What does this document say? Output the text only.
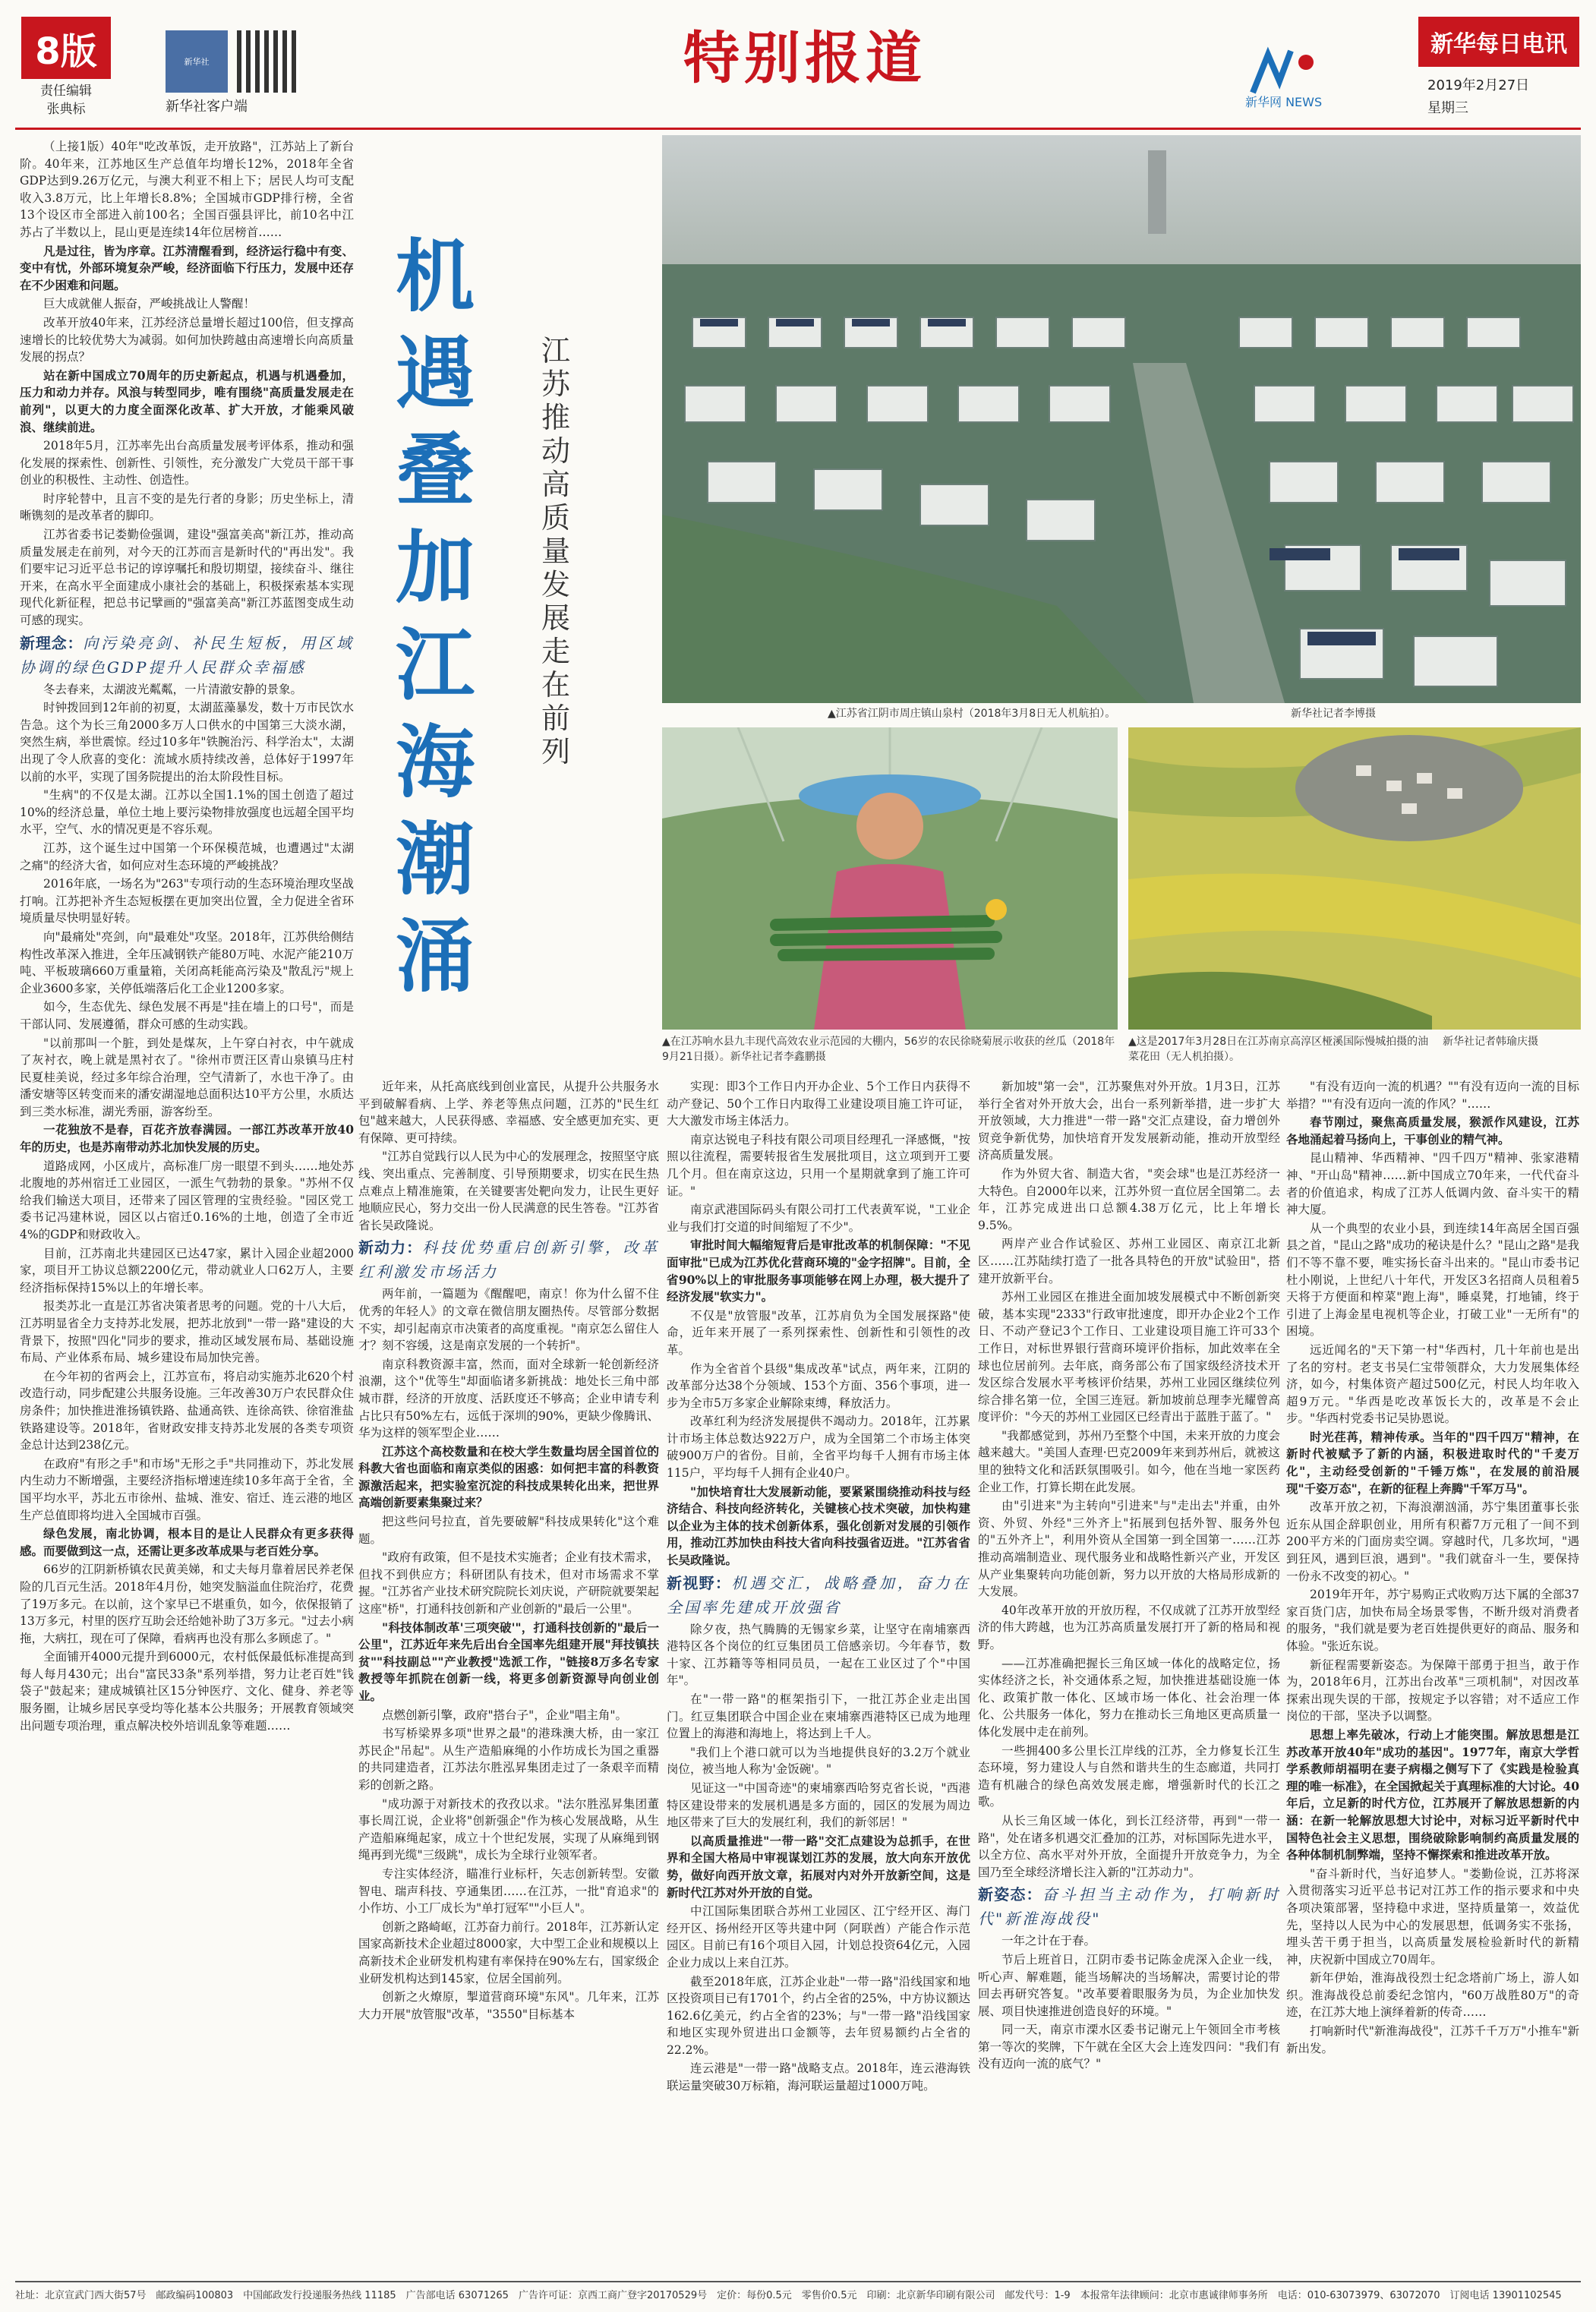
8版
责任编辑
张典标
新华社
新华社客户端
特别报道
新华网 NEWS
新华每日电讯
2019年2月27日
星期三
机遇叠加江海潮涌
江苏推动高质量发展走在前列

（上接1版）40年"吃改革饭，走开放路"，江苏站上了新台阶。40年来，江苏地区生产总值年均增长12%，2018年全省GDP达到9.26万亿元，与澳大利亚不相上下；居民人均可支配收入3.8万元，比上年增长8.8%；全国城市GDP排行榜，全省13个设区市全部进入前100名；全国百强县评比，前10名中江苏占了半数以上，昆山更是连续14年位居榜首……

凡是过往，皆为序章。江苏清醒看到，经济运行稳中有变、变中有忧，外部环境复杂严峻，经济面临下行压力，发展中还存在不少困难和问题。

巨大成就催人振奋，严峻挑战让人警醒！

改革开放40年来，江苏经济总量增长超过100倍，但支撑高速增长的比较优势大为减弱。如何加快跨越由高速增长向高质量发展的拐点？

站在新中国成立70周年的历史新起点，机遇与机遇叠加，压力和动力并存。风浪与转型同步，唯有围绕"高质量发展走在前列"，以更大的力度全面深化改革、扩大开放，才能乘风破浪、继续前进。

2018年5月，江苏率先出台高质量发展考评体系，推动和强化发展的探索性、创新性、引领性，充分激发广大党员干部干事创业的积极性、主动性、创造性。

时序轮替中，且言不变的是先行者的身影；历史坐标上，清晰镌刻的是改革者的脚印。

江苏省委书记娄勤俭强调，建设"强富美高"新江苏，推动高质量发展走在前列，对今天的江苏而言是新时代的"再出发"。我们要牢记习近平总书记的谆谆嘱托和殷切期望，接续奋斗、继往开来，在高水平全面建成小康社会的基础上，积极探索基本实现现代化新征程，把总书记擘画的"强富美高"新江苏蓝图变成生动可感的现实。

新理念：向污染亮剑、补民生短板，用区域协调的绿色GDP提升人民群众幸福感

冬去春来，太湖波光粼粼，一片清澈安静的景象。

时钟拨回到12年前的初夏，太湖蓝藻暴发，数十万市民饮水告急。这个为长三角2000多万人口供水的中国第三大淡水湖，突然生病，举世震惊。经过10多年"铁腕治污、科学治太"，太湖出现了令人欣喜的变化：流域水质持续改善，总体好于1997年以前的水平，实现了国务院提出的治太阶段性目标。

"生病"的不仅是太湖。江苏以全国1.1%的国土创造了超过10%的经济总量，单位土地上要污染物排放强度也远超全国平均水平，空气、水的情况更是不容乐观。

江苏，这个诞生过中国第一个环保模范城，也遭遇过"太湖之痛"的经济大省，如何应对生态环境的严峻挑战？

2016年底，一场名为"263"专项行动的生态环境治理攻坚战打响。江苏把补齐生态短板摆在更加突出位置，全力促进全省环境质量尽快明显好转。

向"最痛处"亮剑，向"最难处"攻坚。2018年，江苏供给侧结构性改革深入推进，全年压减钢铁产能80万吨、水泥产能210万吨、平板玻璃660万重量箱，关闭高耗能高污染及"散乱污"规上企业3600多家，关停低端落后化工企业1200多家。

如今，生态优先、绿色发展不再是"挂在墙上的口号"，而是干部认同、发展遵循，群众可感的生动实践。

"以前那叫一个脏，到处是煤灰，上午穿白衬衣，中午就成了灰衬衣，晚上就是黑衬衣了。"徐州市贾汪区青山泉镇马庄村民夏桂美说，经过多年综合治理，空气清新了，水也干净了。由潘安塘等区转变而来的潘安湖湿地总面积达10平方公里，水质达到三类水标准，湖光秀丽，游客纷至。

一花独放不是春，百花齐放春满园。一部江苏改革开放40年的历史，也是苏南带动苏北加快发展的历史。

道路成网，小区成片，高标准厂房一眼望不到头……地处苏北腹地的苏州宿迁工业园区，一派生气勃勃的景象。"苏州不仅给我们输送大项目，还带来了园区管理的宝贵经验。"园区党工委书记冯建林说，园区以占宿迁0.16%的土地，创造了全市近4%的GDP和财政收入。

目前，江苏南北共建园区已达47家，累计入园企业超2000家，项目开工协议总额2200亿元，带动就业人口62万人，主要经济指标保持15%以上的年增长率。

报类苏北一直是江苏省决策者思考的问题。党的十八大后，江苏明显省全力支持苏北发展，把苏北放到"一带一路"建设的大背景下，按照"四化"同步的要求，推动区域发展布局、基础设施布局、产业体系布局、城乡建设布局加快完善。

在今年初的省两会上，江苏宣布，将启动实施苏北620个村改造行动，同步配建公共服务设施。三年改善30万户农民群众住房条件；加快推进淮扬镇铁路、盐通高铁、连徐高铁、徐宿淮盐铁路建设等。2018年，省财政安排支持苏北发展的各类专项资金总计达到238亿元。

在政府"有形之手"和市场"无形之手"共同推动下，苏北发展内生动力不断增强，主要经济指标增速连续10多年高于全省，全国平均水平，苏北五市徐州、盐城、淮安、宿迁、连云港的地区生产总值即将均进入全国城市百强。

绿色发展，南北协调，根本目的是让人民群众有更多获得感。而要做到这一点，还需让更多改革成果与老百姓分享。

66岁的江阴新桥镇农民黄美娣，和丈夫每月靠着居民养老保险的几百元生活。2018年4月份，她突发脑溢血住院治疗，花费了19万多元。在以前，这个家早已不堪重负，如今，依保报销了13万多元，村里的医疗互助会还给她补助了3万多元。"过去小病拖，大病扛，现在可了保障，看病再也没有那么多顾虑了。"

全面铺开4000元提升到6000元，农村低保最低标准提高到每人每月430元；出台"富民33条"系列举措，努力让老百姓"钱袋子"鼓起来；建成城镇社区15分钟医疗、文化、健身、养老等服务圈，让城乡居民享受均等化基本公共服务；开展教育领域突出问题专项治理，重点解决校外培训乱象等难题……

▲江苏省江阴市周庄镇山泉村（2018年3月8日无人机航拍）。	新华社记者李博摄
▲在江苏响水县九丰现代高效农业示范园的大棚内，56岁的农民徐晓菊展示收获的丝瓜（2018年9月21日摄）。新华社记者李鑫鹏摄
▲这是2017年3月28日在江苏南京高淳区桠溪国际慢城拍摄的油菜花田（无人机拍摄）。
新华社记者韩瑜庆摄

近年来，从托高底线到创业富民，从提升公共服务水平到破解看病、上学、养老等焦点问题，江苏的"民生红包"越来越大，人民获得感、幸福感、安全感更加充实、更有保障、更可持续。

"江苏自觉践行以人民为中心的发展理念，按照坚守底线、突出重点、完善制度、引导预期要求，切实在民生热点难点上精准施策，在关键要害处靶向发力，让民生更好地顺应民心，努力交出一份人民满意的民生答卷。"江苏省省长吴政隆说。

新动力：科技优势重启创新引擎，改革红利激发市场活力

两年前，一篇题为《醒醒吧，南京！你为什么留不住优秀的年轻人》的文章在微信朋友圈热传。尽管部分数据不实，却引起南京市决策者的高度重视。"南京怎么留住人才？刻不容缓，这是南京发展的一个转折"。

南京科教资源丰富，然而，面对全球新一轮创新经济浪潮，这个"优等生"却面临诸多新挑战：地处长三角中部城市群，经济的开放度、活跃度还不够高；企业申请专利占比只有50%左右，远低于深圳的90%，更缺少像腾讯、华为这样的领军型企业……

江苏这个高校数量和在校大学生数量均居全国首位的科教大省也面临和南京类似的困惑：如何把丰富的科教资源激活起来，把实验室沉淀的科技成果转化出来，把世界高端创新要素集聚过来？

把这些问号拉直，首先要破解"科技成果转化"这个难题。

"政府有政策，但不是技术实施者；企业有技术需求，但找不到供应方；科研团队有技术，但对市场需求不掌握。"江苏省产业技术研究院院长刘庆说，产研院就要架起这座"桥"，打通科技创新和产业创新的"最后一公里"。

"科技体制改革'三项突破'"，打通科技创新的"最后一公里"，江苏近年来先后出台全国率先组建开展"拜技镇扶贫""科技副总""产业教授"选派工作，"链接8万多名专家教授等年抓院在创新一线，将更多创新资源导向创业创业。

点燃创新引擎，政府"搭台子"，企业"唱主角"。

书写桥梁界多项"世界之最"的港珠澳大桥，由一家江苏民企"吊起"。从生产造船麻绳的小作坊成长为国之重器的共同建造者，江苏法尔胜泓昇集团走过了一条艰辛而精彩的创新之路。

"成功源于对新技术的孜孜以求。"法尔胜泓昇集团董事长周江说，企业将"创新强企"作为核心发展战略，从生产造船麻绳起家，成立十个世纪发展，实现了从麻绳到钢绳再到光缆"三级跳"，成长为全球行业领军者。

专注实体经济，瞄准行业标杆，矢志创新转型。安徽智电、瑞声科技、亨通集团……在江苏，一批"育追求"的小作坊、小工厂成长为"单打冠军""小巨人"。

创新之路崎岖，江苏奋力前行。2018年，江苏新认定国家高新技术企业超过8000家，大中型工企业和规模以上高新技术企业研发机构建有率保持在90%左右，国家级企业研发机构达到145家，位居全国前列。

创新之火燎原，掣道营商环境"东风"。几年来，江苏大力开展"放管服"改革，"3550"目标基本

实现：即3个工作日内开办企业、5个工作日内获得不动产登记、50个工作日内取得工业建设项目施工许可证，大大激发市场主体活力。

南京达锐电子科技有限公司项目经理孔一泽感慨，"按照以往流程，需要转报省生发展批项目，这立项到开工要几个月。但在南京这边，只用一个星期就拿到了施工许可证。"

南京武港国际码头有限公司打工代表黄军说，"工业企业与我们打交道的时间缩短了不少"。

审批时间大幅缩短背后是审批改革的机制保障："不见面审批"已成为江苏优化营商环境的"金字招牌"。目前，全省90%以上的审批服务事项能够在网上办理，极大提升了经济发展"软实力"。

不仅是"放管服"改革，江苏肩负为全国发展探路"使命，近年来开展了一系列探索性、创新性和引领性的改革。

作为全省首个县级"集成改革"试点，两年来，江阴的改革部分达38个分领域、153个方面、356个事项，进一步为全市5万多家企业解除束缚，释放活力。

改革红利为经济发展提供不竭动力。2018年，江苏累计市场主体总数达922万户，成为全国第二个市场主体突破900万户的省份。目前，全省平均每千人拥有市场主体115户，平均每千人拥有企业40户。

"加快培育壮大发展新动能，要紧紧围绕推动科技与经济结合、科技向经济转化，关键核心技术突破，加快构建以企业为主体的技术创新体系，强化创新对发展的引领作用，推动江苏加快由科技大省向科技强省迈进。"江苏省省长吴政隆说。

新视野：机遇交汇，战略叠加，奋力在全国率先建成开放强省

除夕夜，热气腾腾的无锡家乡菜，让坚守在南埔寨西港特区各个岗位的红豆集团员工倍感亲切。今年春节，数十家、江苏籍等等相同员员，一起在工业区过了个"中国年"。

在"一带一路"的框架指引下，一批江苏企业走出国门。红豆集团联合中国企业在柬埔寨西港特区已成为地理位置上的海港和海地上，将达到上千人。

"我们上个港口就可以为当地提供良好的3.2万个就业岗位，被当地人称为'金饭碗'。"

见证这一"中国奇迹"的柬埔寨西哈努克省长说，"西港特区建设带来的发展机遇是多方面的，园区的发展为周边地区带来了巨大的发展红利，我们的新邻居！"

以高质量推进"一带一路"交汇点建设为总抓手，在世界和全国大格局中审视谋划江苏的发展，放大向东开放优势，做好向西开放文章，拓展对内对外开放新空间，这是新时代江苏对外开放的自觉。

中江国际集团联合苏州工业园区、江宁经开区、海门经开区、扬州经开区等共建中阿（阿联酋）产能合作示范园区。目前已有16个项目入园，计划总投资64亿元，入园企业力成以上来自江苏。

截至2018年底，江苏企业赴"一带一路"沿线国家和地区投资项目已有1701个，约占全省的25%，中方协议额达162.6亿美元，约占全省的23%；与"一带一路"沿线国家和地区实现外贸进出口金额等，去年贸易额约占全省的22.2%。

连云港是"一带一路"战略支点。2018年，连云港海铁联运量突破30万标箱，海河联运量超过1000万吨。

新加坡"第一会"，江苏聚焦对外开放。1月3日，江苏举行全省对外开放大会，出台一系列新举措，进一步扩大开放领域，大力推进"一带一路"交汇点建设，奋力增创外贸竞争新优势，加快培育开发发展新动能，推动开放型经济高质量发展。

作为外贸大省、制造大省，"奕会球"也是江苏经济一大特色。自2000年以来，江苏外贸一直位居全国第二。去年，江苏完成进出口总额4.38万亿元，比上年增长9.5%。

两岸产业合作试验区、苏州工业园区、南京江北新区……江苏陆续打造了一批各具特色的开放"试验田"，搭建开放新平台。

苏州工业园区在推进全面加坡发展模式中不断创新突破，基本实现"2333"行政审批速度，即开办企业2个工作日、不动产登记3个工作日、工业建设项目施工许可33个工作日，对标世界银行营商环境评价指标，加此效率在全球也位居前列。去年底，商务部公布了国家级经济技术开发区综合发展水平考核评价结果，苏州工业园区继续位列综合排名第一位，全国三连冠。新加坡前总理李光耀曾高度评价："今天的苏州工业园区已经青出于蓝胜于蓝了。"

"我都感觉到，苏州乃至整个中国，未来开放的力度会越来越大。"美国人查理·巴克2009年来到苏州后，就被这里的独特文化和活跃氛围吸引。如今，他在当地一家医药企业工作，打算长期在此发展。

由"引进来"为主转向"引进来"与"走出去"并重，由外资、外贸、外经"三外齐上"拓展到包括外智、服务外包的"五外齐上"，利用外资从全国第一到全国第一……江苏推动高端制造业、现代服务业和战略性新兴产业，开发区从产业集聚转向功能创新，努力以开放的大格局形成新的大发展。

40年改革开放的开放历程，不仅成就了江苏开放型经济的伟大跨越，也为江苏高质量发展打开了新的格局和视野。

——江苏准确把握长三角区域一体化的战略定位，扬实体经济之长，补交通体系之短，加快推进基础设施一体化、政策扩散一体化、区域市场一体化、社会治理一体化、公共服务一体化，努力在推动长三角地区更高质量一体化发展中走在前列。

一些拥400多公里长江岸线的江苏，全力修复长江生态环境，努力建设人与自然和谐共生的生态廊道，共同打造有机融合的绿色高效发展走廊，增强新时代的长江之歌。

从长三角区域一体化，到长江经济带，再到"一带一路"，处在诸多机遇交汇叠加的江苏，对标国际先进水平，以全方位、高水平对外开放，全面提升开放竞争力，为全国乃至全球经济增长注入新的"江苏动力"。

新姿态：奋斗担当主动作为，打响新时代"新淮海战役"

一年之计在于春。

节后上班首日，江阴市委书记陈金虎深入企业一线，听心声、解难题，能当场解决的当场解决，需要讨论的带回去再研究答复。"改革要着眼服务为员，为企业加快发展、项目快速推进创造良好的环境。"

同一天，南京市溧水区委书记谢元上午领回全市考核第一等次的奖牌，下午就在全区大会上连发四问："我们有没有迈向一流的底气？"

"有没有迈向一流的机遇？""有没有迈向一流的目标举措？""有没有迈向一流的作风？"……

春节刚过，聚焦高质量发展，猴派作风建设，江苏各地涌起着马扬向上，干事创业的精气神。

昆山精神、华西精神、"四千四万"精神、张家港精神、"开山岛"精神……新中国成立70年来，一代代奋斗者的价值追求，构成了江苏人低调内敛、奋斗实干的精神大厦。

从一个典型的农业小县，到连续14年高居全国百强县之首，"昆山之路"成功的秘诀是什么？"昆山之路"是我们不等不靠不要，唯实扬长奋斗出来的。"昆山市委书记杜小刚说，上世纪八十年代，开发区3名招商人员租着5天将于方便面和榨菜"跑上海"，睡桌凳，打地铺，终于引进了上海金星电视机等企业，打破工业"一无所有"的困境。

远近闻名的"天下第一村"华西村，几十年前也是出了名的穷村。老支书吴仁宝带领群众，大力发展集体经济，如今，村集体资产超过500亿元，村民人均年收入超9万元。"华西是吃改革饭长大的，改革是不会止步。"华西村党委书记吴协恩说。

时光荏苒，精神传承。当年的"四千四万"精神，在新时代被赋予了新的内涵，积极进取时代的"千麦万化"，主动经受创新的"千锤万炼"，在发展的前沿展现"千姿万态"，在新的征程上奔腾"千军万马"。

改革开放之初，下海浪潮汹涌，苏宁集团董事长张近东从国企辞职创业，用所有积蓄7万元租了一间不到200平方米的门面房卖空调。穿越时代，几多坎坷，"遇到狂风，遇到巨浪，遇到"。"我们就奋斗一生，要保持一份永不改变的初心。"

2019年开年，苏宁易购正式收购万达下属的全部37家百货门店，加快布局全场景零售，不断升级对消费者的服务，"我们就是要为老百姓提供更好的商品、服务和体验。"张近东说。

新征程需要新姿态。为保障干部勇于担当，敢于作为，2018年6月，江苏出台改革"三项机制"，对因改革探索出现失误的干部，按规定予以容错；对不适应工作岗位的干部，坚决予以调整。

思想上率先破冰，行动上才能突围。解放思想是江苏改革开放40年"成功的基因"。1977年，南京大学哲学系教师胡福明在妻子病榻之侧写下了《实践是检验真理的唯一标准》，在全国掀起关于真理标准的大讨论。40年后，立足新的时代方位，江苏展开了解放思想新的内涵：在新一轮解放思想大讨论中，对标习近平新时代中国特色社会主义思想，围绕破除影响制约高质量发展的各种体制机制弊端，坚持不懈探索和推进改革开放。

"奋斗新时代，当好追梦人。"娄勤俭说，江苏将深入贯彻落实习近平总书记对江苏工作的指示要求和中央各项决策部署，坚持稳中求进，坚持质量第一，效益优先，坚持以人民为中心的发展思想，低调务实不张扬，埋头苦干勇于担当，以高质量发展检验新时代的新精神，庆祝新中国成立70周年。

新年伊始，淮海战役烈士纪念塔前广场上，游人如织。淮海战役总前委纪念馆内，"60万战胜80万"的奇迹，在江苏大地上演绎着新的传奇……

打响新时代"新淮海战役"，江苏千千万万"小推车"新新出发。

社址：北京宣武门西大街57号　邮政编码100803　中国邮政发行投递服务热线 11185　广告部电话 63071265　广告许可证：京西工商广登字20170529号　定价：每份0.5元　零售价0.5元　印刷：北京新华印刷有限公司　邮发代号：1-9　本报常年法律顾问：北京市惠诚律师事务所　电话：010-63073979、63072070　订阅电话 13901102545
